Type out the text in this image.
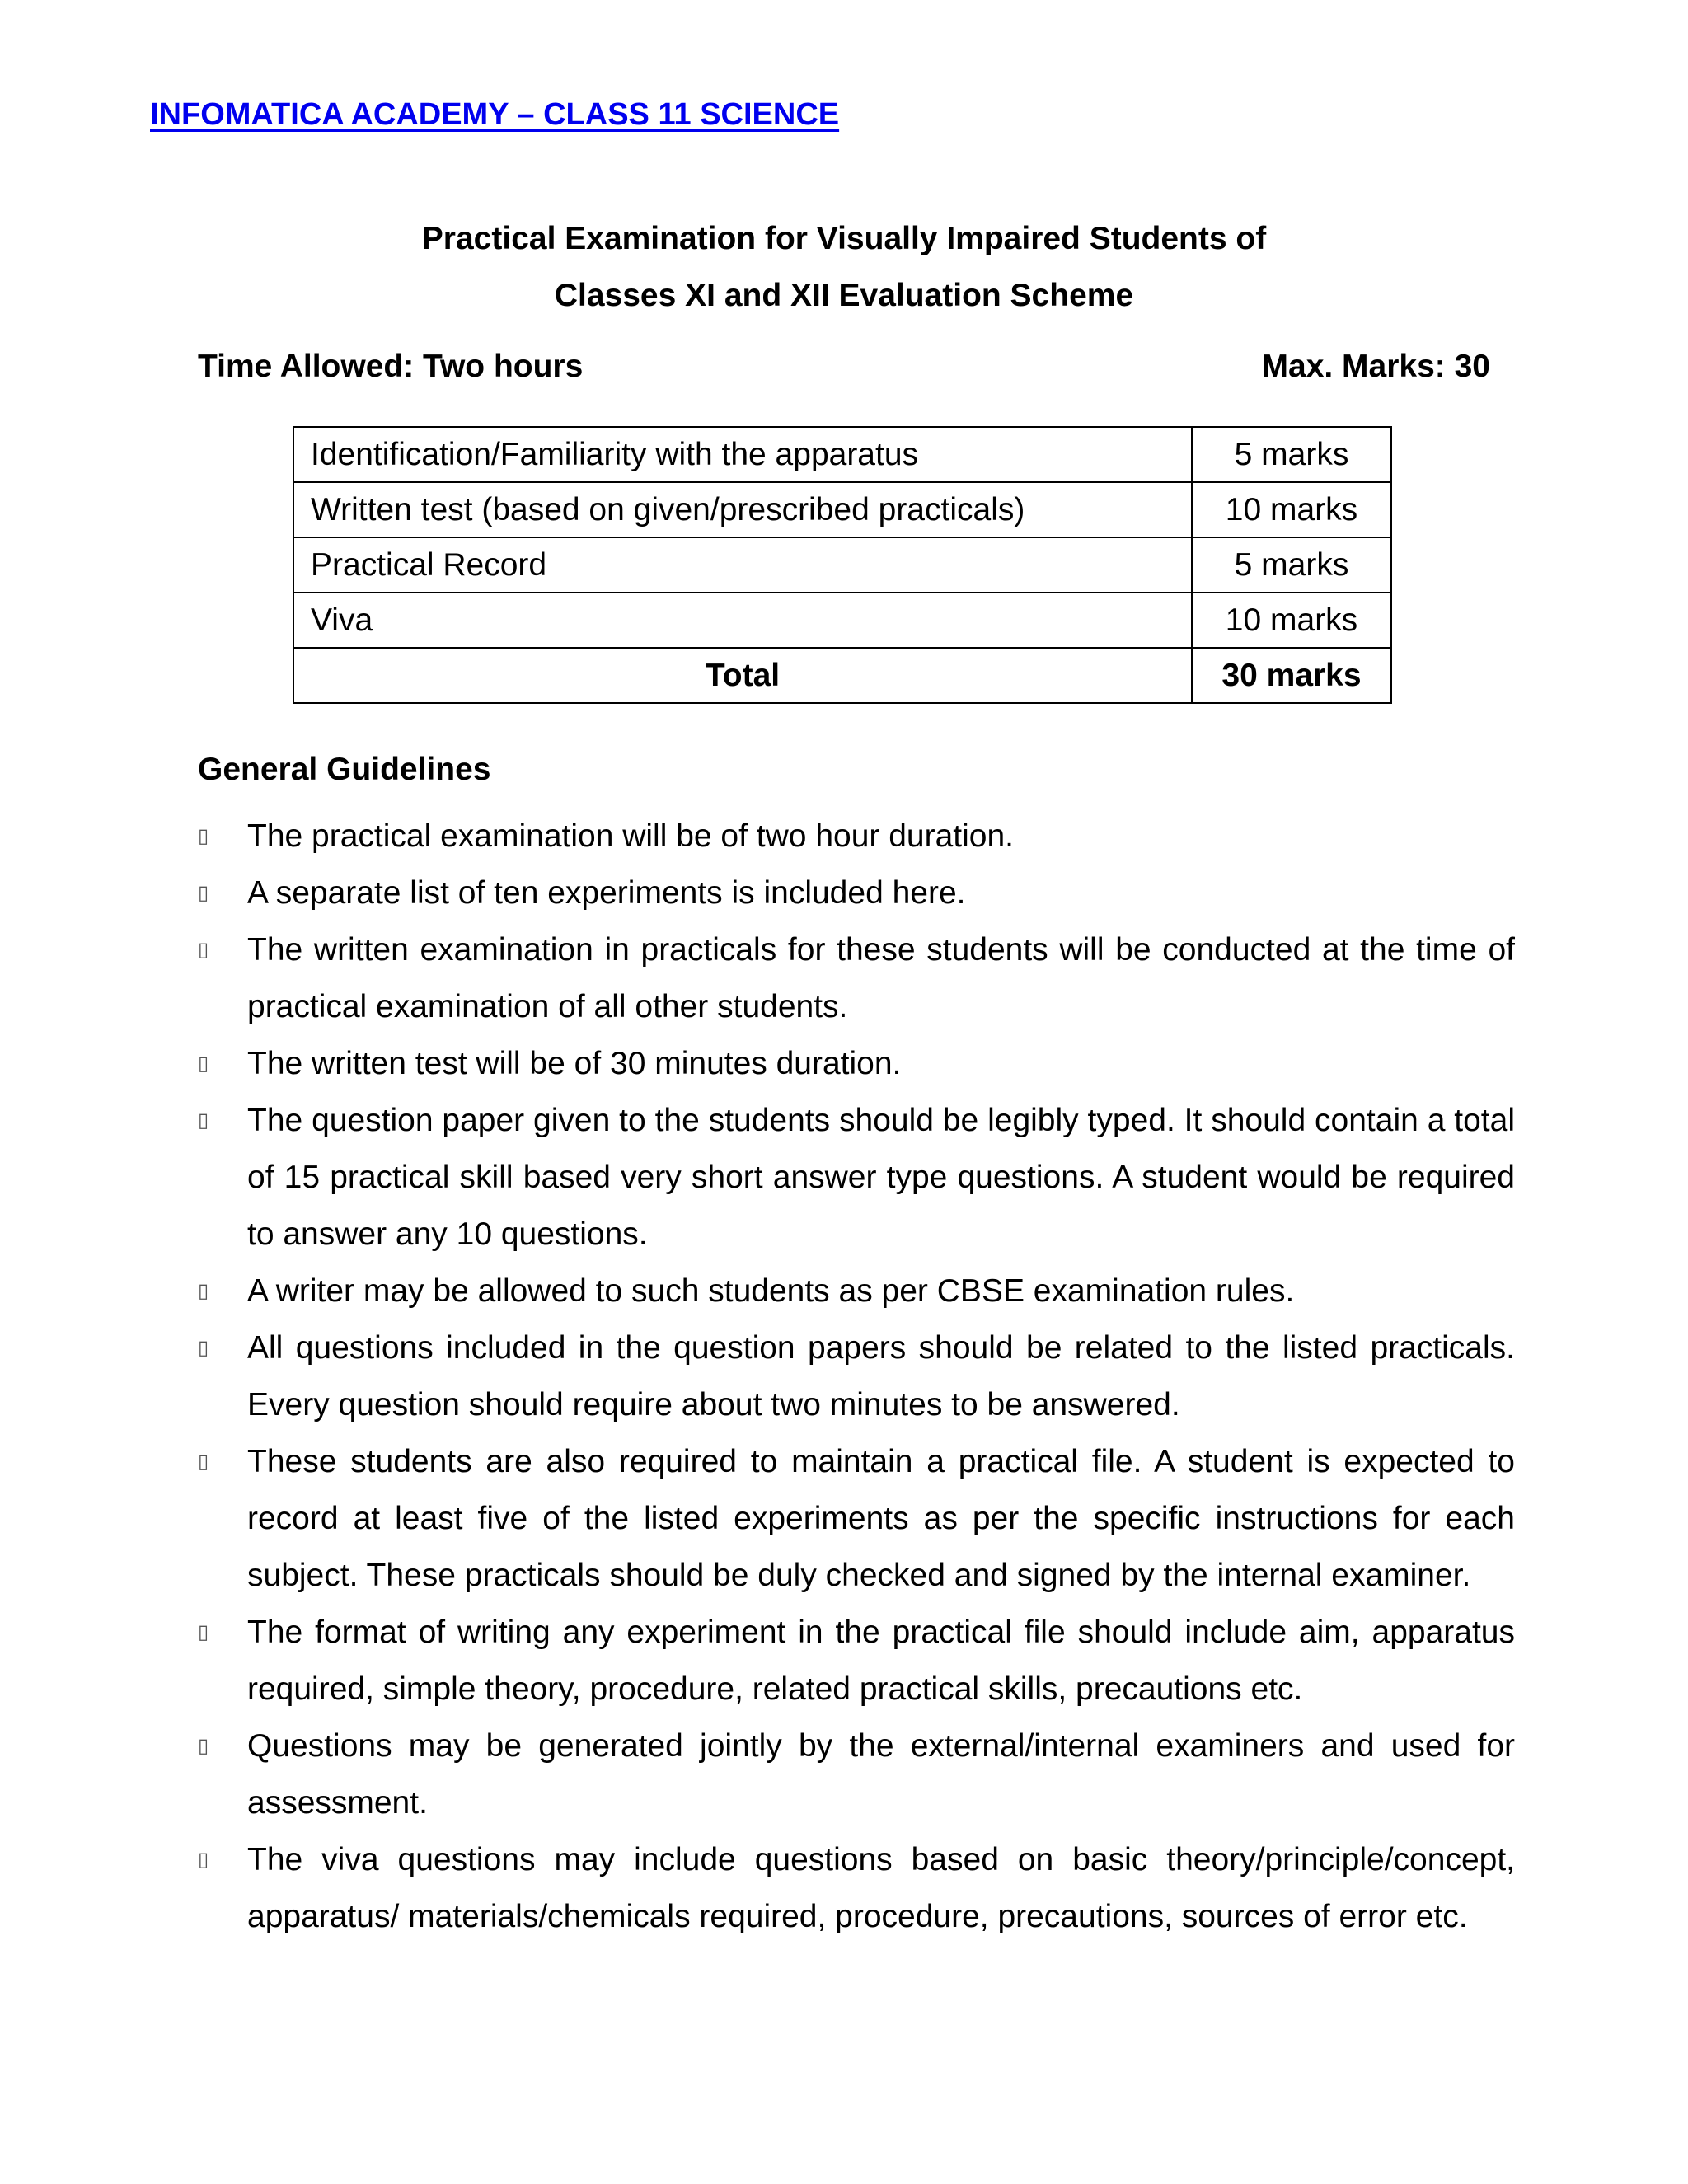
INFOMATICA ACADEMY – CLASS 11 SCIENCE
Practical Examination for Visually Impaired Students of
Classes XI and XII Evaluation Scheme
Time Allowed: Two hours	Max. Marks: 30
Identification/Familiarity with the apparatus	5 marks
Written test (based on given/prescribed practicals)	10 marks
Practical Record	5 marks
Viva	10 marks
Total	30 marks
General Guidelines
▯ The practical examination will be of two hour duration.
▯ A separate list of ten experiments is included here.
▯ The written examination in practicals for these students will be conducted at the time of practical examination of all other students.
▯ The written test will be of 30 minutes duration.
▯ The question paper given to the students should be legibly typed. It should contain a total of 15 practical skill based very short answer type questions. A student would be required to answer any 10 questions.
▯ A writer may be allowed to such students as per CBSE examination rules.
▯ All questions included in the question papers should be related to the listed practicals. Every question should require about two minutes to be answered.
▯ These students are also required to maintain a practical file. A student is expected to record at least five of the listed experiments as per the specific instructions for each subject. These practicals should be duly checked and signed by the internal examiner.
▯ The format of writing any experiment in the practical file should include aim, apparatus required, simple theory, procedure, related practical skills, precautions etc.
▯ Questions may be generated jointly by the external/internal examiners and used for assessment.
▯ The viva questions may include questions based on basic theory/principle/concept, apparatus/ materials/chemicals required, procedure, precautions, sources of error etc.
